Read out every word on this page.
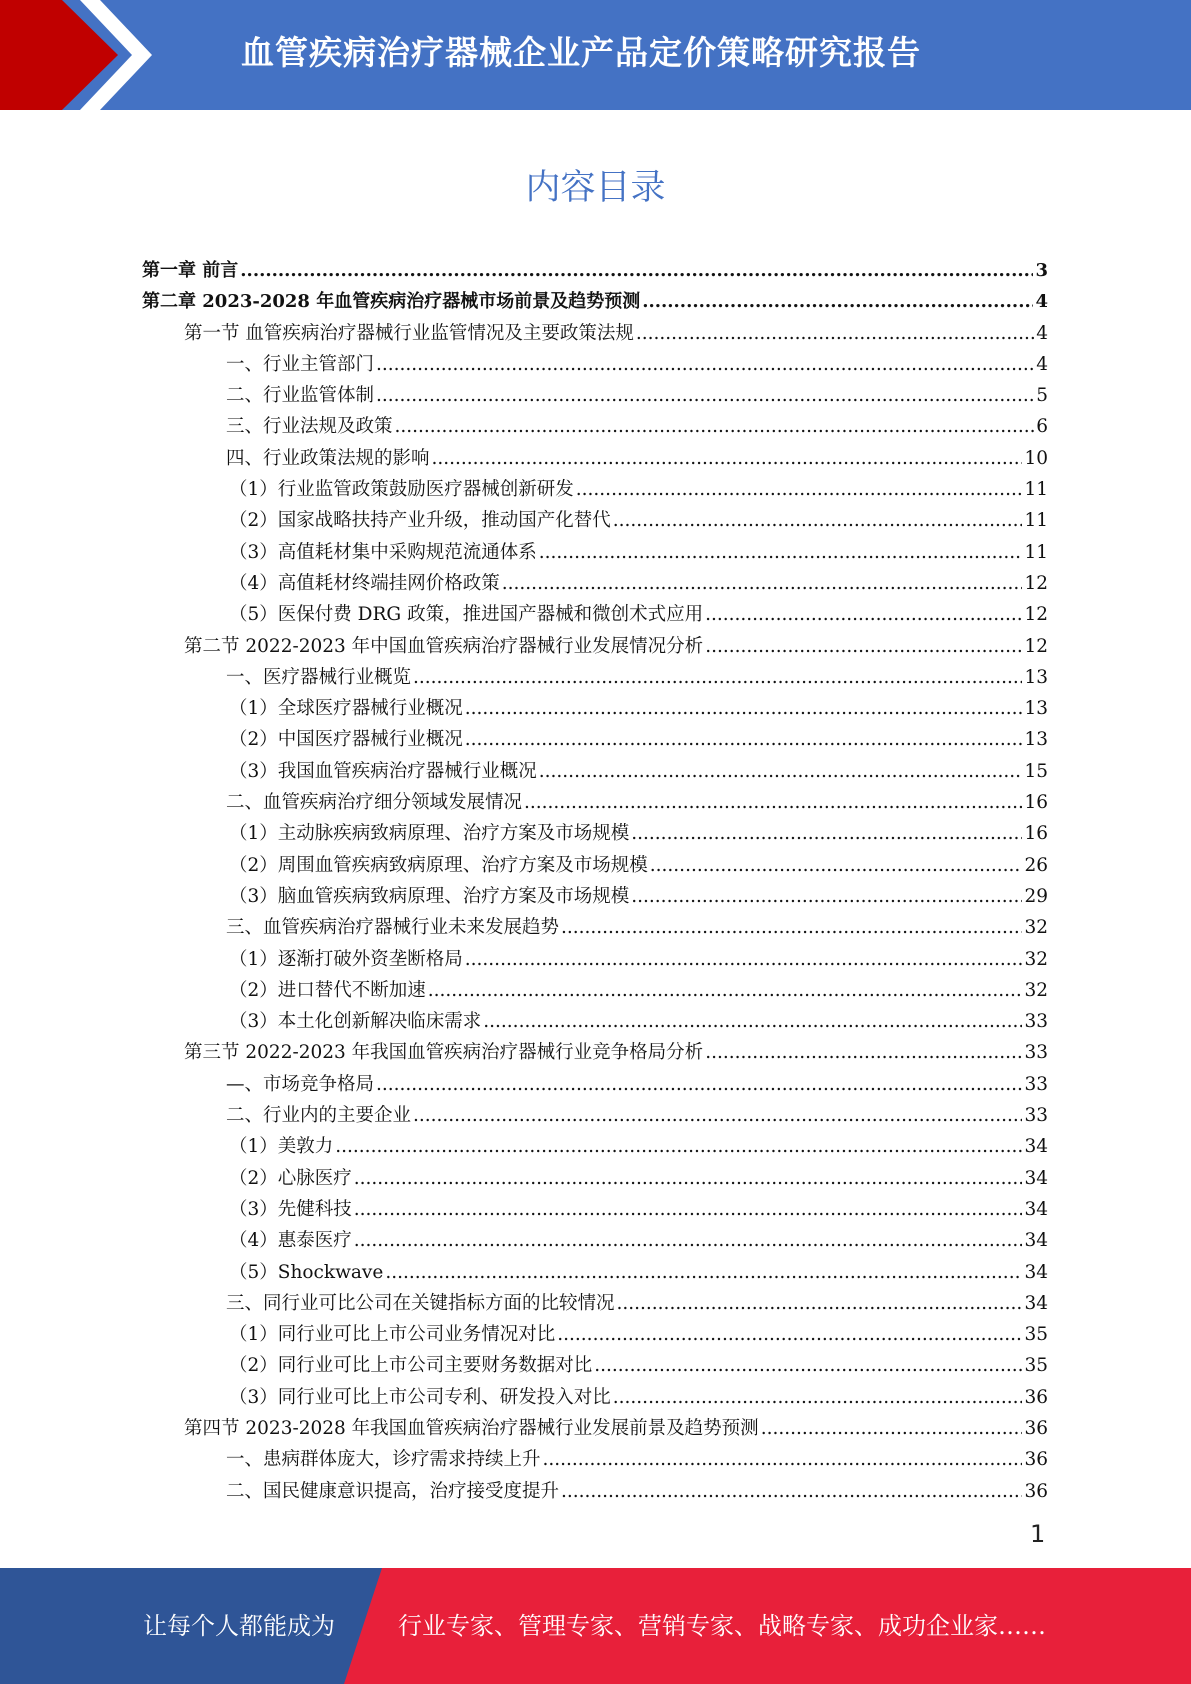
血管疾病治疗器械企业产品定价策略研究报告
内容目录
第一章 前言 .....	3
第二章 2023-2028 年血管疾病治疗器械市场前景及趋势预测 .....	4
第一节 血管疾病治疗器械行业监管情况及主要政策法规 .....	4
一、行业主管部门 .....	4
二、行业监管体制 .....	5
三、行业法规及政策 .....	6
四、行业政策法规的影响 .....	10
（1）行业监管政策鼓励医疗器械创新研发 .....	11
（2）国家战略扶持产业升级，推动国产化替代 .....	11
（3）高值耗材集中采购规范流通体系 .....	11
（4）高值耗材终端挂网价格政策 .....	12
（5）医保付费 DRG 政策，推进国产器械和微创术式应用 .....	12
第二节 2022-2023 年中国血管疾病治疗器械行业发展情况分析 .....	12
一、医疗器械行业概览 .....	13
（1）全球医疗器械行业概况 .....	13
（2）中国医疗器械行业概况 .....	13
（3）我国血管疾病治疗器械行业概况 .....	15
二、血管疾病治疗细分领域发展情况 .....	16
（1）主动脉疾病致病原理、治疗方案及市场规模 .....	16
（2）周围血管疾病致病原理、治疗方案及市场规模 .....	26
（3）脑血管疾病致病原理、治疗方案及市场规模 .....	29
三、血管疾病治疗器械行业未来发展趋势 .....	32
（1）逐渐打破外资垄断格局 .....	32
（2）进口替代不断加速 .....	32
（3）本土化创新解决临床需求 .....	33
第三节 2022-2023 年我国血管疾病治疗器械行业竞争格局分析 .....	33
—、市场竞争格局 .....	33
二、行业内的主要企业 .....	33
（1）美敦力 .....	34
（2）心脉医疗 .....	34
（3）先健科技 .....	34
（4）惠泰医疗 .....	34
（5）Shockwave .....	34
三、同行业可比公司在关键指标方面的比较情况 .....	34
（1）同行业可比上市公司业务情况对比 .....	35
（2）同行业可比上市公司主要财务数据对比 .....	35
（3）同行业可比上市公司专利、研发投入对比 .....	36
第四节 2023-2028 年我国血管疾病治疗器械行业发展前景及趋势预测 .....	36
一、患病群体庞大，诊疗需求持续上升 .....	36
二、国民健康意识提高，治疗接受度提升 .....	36
1
让每个人都能成为	行业专家、管理专家、营销专家、战略专家、成功企业家……
